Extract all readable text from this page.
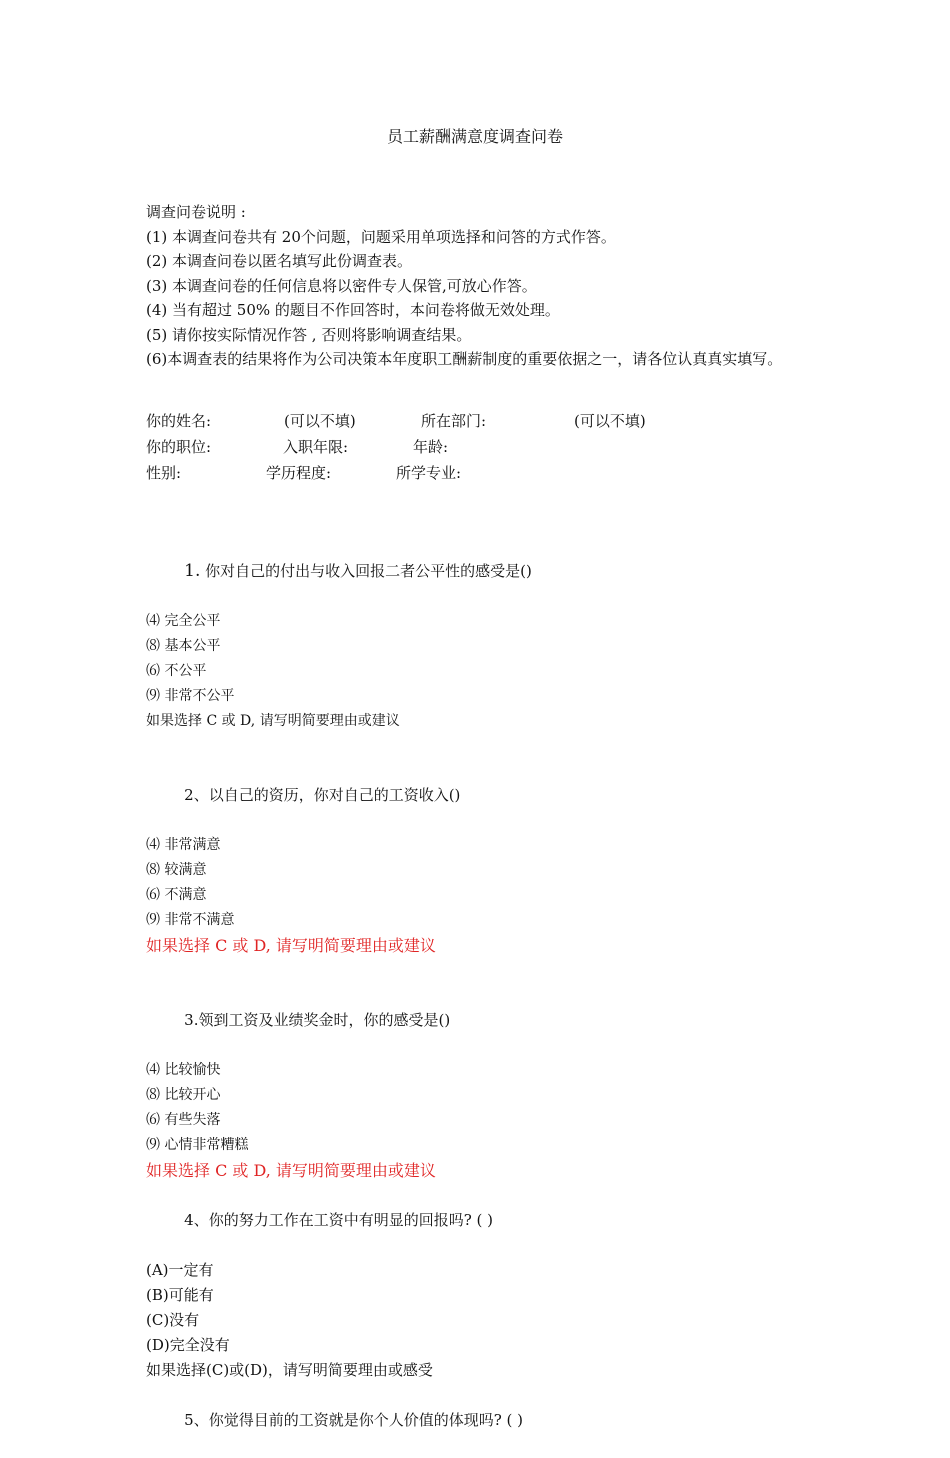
员工薪酬满意度调查问卷
调查问卷说明 :
(1) 本调查问卷共有 20个问题，问题采用单项选择和问答的方式作答。
(2) 本调查问卷以匿名填写此份调查表。
(3) 本调查问卷的任何信息将以密件专人保管,可放心作答。
(4) 当有超过 50% 的题目不作回答时，本问卷将做无效处理。
(5) 请你按实际情况作答 , 否则将影响调查结果。
(6)本调查表的结果将作为公司决策本年度职工酬薪制度的重要依据之一，请各位认真真实填写。
你的姓名:	(可以不填)	所在部门:	(可以不填)
你的职位:	入职年限:	年龄:
性别:	学历程度:	所学专业:

1. 你对自己的付出与收入回报二者公平性的感受是()

⑷ 完全公平
⑻ 基本公平
⑹ 不公平
⑼ 非常不公平
如果选择 C 或 D, 请写明简要理由或建议

2、以自己的资历，你对自己的工资收入()

⑷ 非常满意
⑻ 较满意
⑹ 不满意
⑼ 非常不满意
如果选择 C 或 D, 请写明简要理由或建议

3.领到工资及业绩奖金时，你的感受是()

⑷ 比较愉快
⑻ 比较开心
⑹ 有些失落
⑼ 心情非常糟糕
如果选择 C 或 D, 请写明简要理由或建议

4、你的努力工作在工资中有明显的回报吗? ( )

(A)一定有
(B)可能有
(C)没有
(D)完全没有
如果选择(C)或(D)，请写明简要理由或感受

5、你觉得目前的工资就是你个人价值的体现吗? ( )
